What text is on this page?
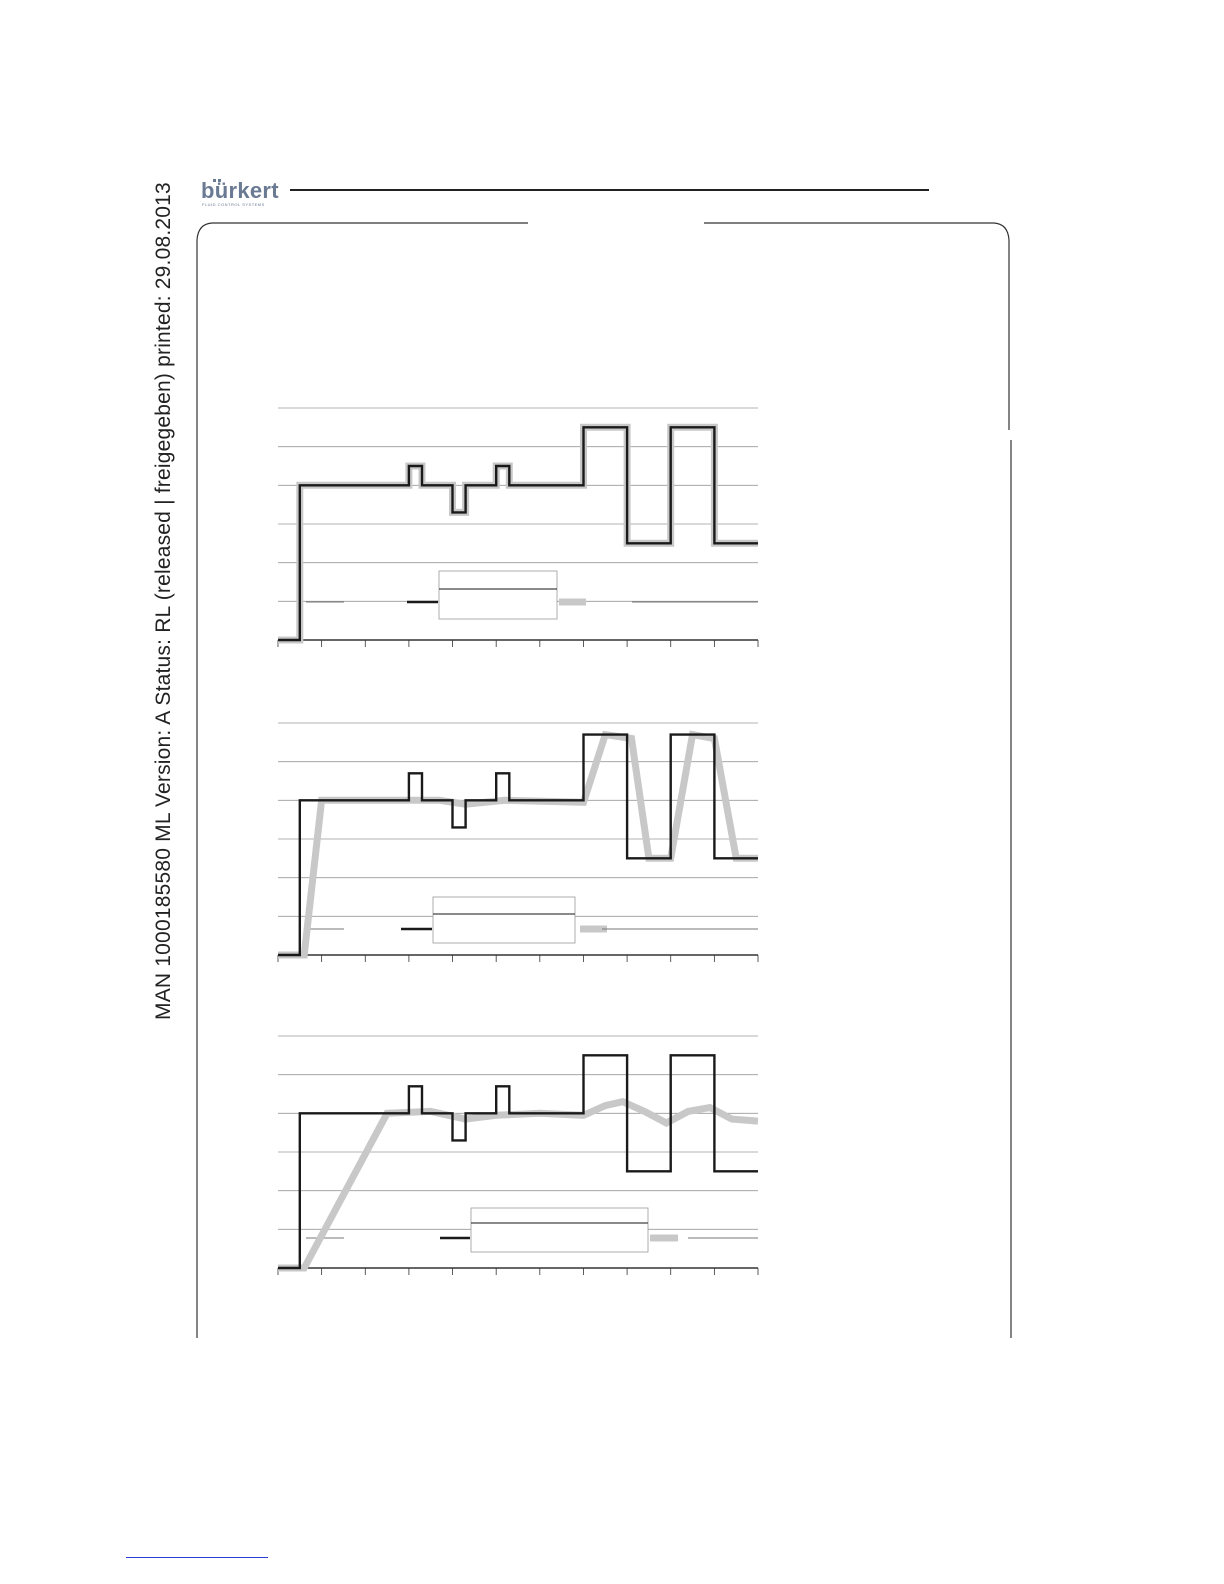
MAN 1000185580 ML Version: A Status: RL (released | freigegeben) printed: 29.08.2013	bürkert
FLUID CONTROL SYSTEMS
